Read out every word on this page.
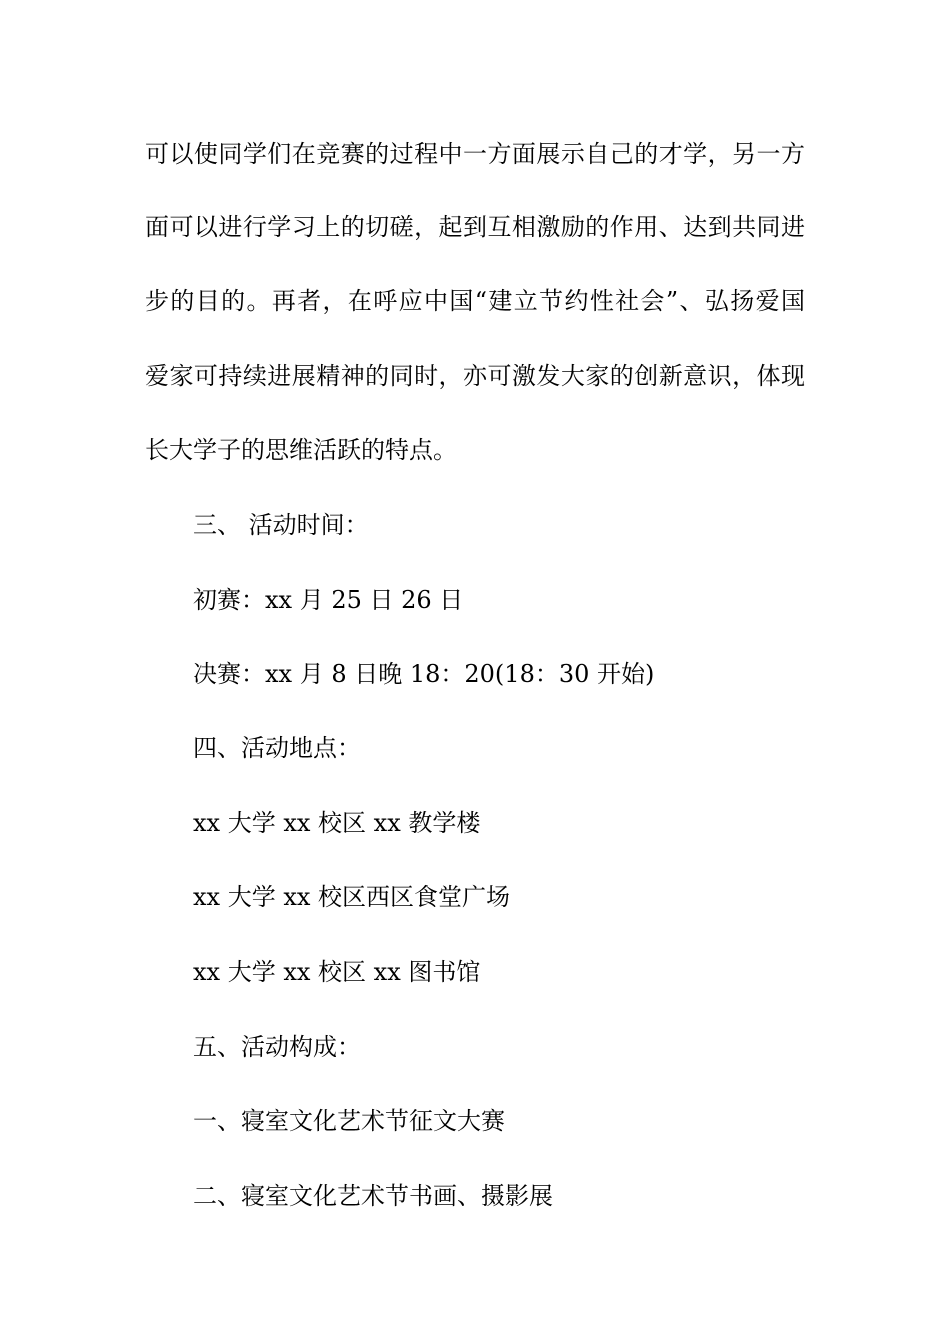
可以使同学们在竞赛的过程中一方面展示自己的才学，另一方
面可以进行学习上的切磋，起到互相激励的作用、达到共同进
步的目的。再者，在呼应中国“建立节约性社会”、弘扬爱国
爱家可持续进展精神的同时，亦可激发大家的创新意识，体现
长大学子的思维活跃的特点。
三、 活动时间：
初赛：xx 月 25 日 26 日
决赛：xx 月 8 日晚 18：20(18：30 开始)
四、活动地点：
xx 大学 xx 校区 xx 教学楼
xx 大学 xx 校区西区食堂广场
xx 大学 xx 校区 xx 图书馆
五、活动构成：
一、寝室文化艺术节征文大赛
二、寝室文化艺术节书画、摄影展
